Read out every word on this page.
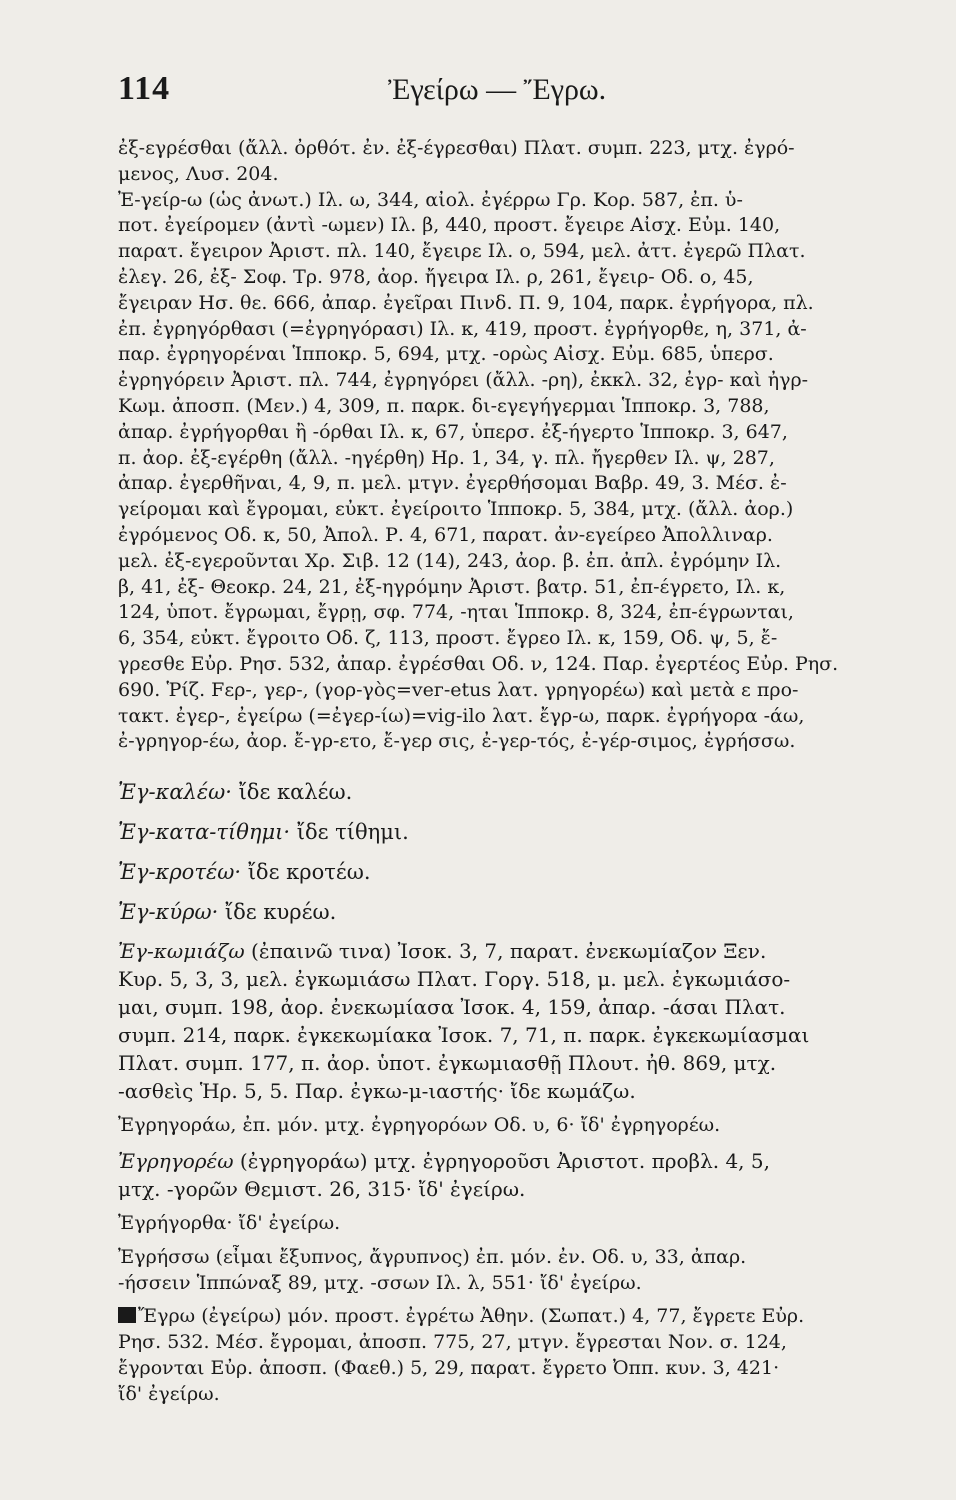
114	Ἐγείρω — Ἔγρω.
ἐξ-εγρέσθαι (ἄλλ. ὀρθότ. ἐν. ἐξ-έγρεσθαι) Πλατ. συμπ. 223, μτχ. ἐγρό-
μενος, Λυσ. 204.
Ἐ-γείρ-ω (ὡς ἀνωτ.) Ιλ. ω, 344, αἰολ. ἐγέρρω Γρ. Κορ. 587, ἐπ. ὑ-
ποτ. ἐγείρομεν (ἀντὶ -ωμεν) Ιλ. β, 440, προστ. ἔγειρε Αἰσχ. Εὐμ. 140,
παρατ. ἔγειρον Ἀριστ. πλ. 140, ἔγειρε Ιλ. ο, 594, μελ. ἀττ. ἐγερῶ Πλατ.
ἐλεγ. 26, ἐξ- Σοφ. Τρ. 978, ἀορ. ἤγειρα Ιλ. ρ, 261, ἔγειρ- Οδ. ο, 45,
ἔγειραν Ησ. θε. 666, ἀπαρ. ἐγεῖραι Πινδ. Π. 9, 104, παρκ. ἐγρήγορα, πλ.
ἐπ. ἐγρηγόρθασι (=ἐγρηγόρασι) Ιλ. κ, 419, προστ. ἐγρήγορθε, η, 371, ἀ-
παρ. ἐγρηγορέναι Ἱπποκρ. 5, 694, μτχ. -ορὼς Αἰσχ. Εὐμ. 685, ὑπερσ.
ἐγρηγόρειν Ἀριστ. πλ. 744, ἐγρηγόρει (ἄλλ. -ρη), ἐκκλ. 32, ἐγρ- καὶ ἠγρ-
Κωμ. ἀποσπ. (Μεν.) 4, 309, π. παρκ. δι-εγεγήγερμαι Ἱπποκρ. 3, 788,
ἀπαρ. ἐγρήγορθαι ἢ -όρθαι Ιλ. κ, 67, ὑπερσ. ἐξ-ήγερτο Ἱπποκρ. 3, 647,
π. ἀορ. ἐξ-εγέρθη (ἄλλ. -ηγέρθη) Ηρ. 1, 34, γ. πλ. ἤγερθεν Ιλ. ψ, 287,
ἀπαρ. ἐγερθῆναι, 4, 9, π. μελ. μτγν. ἐγερθήσομαι Βαβρ. 49, 3. Μέσ. ἐ-
γείρομαι καὶ ἔγρομαι, εὐκτ. ἐγείροιτο Ἱπποκρ. 5, 384, μτχ. (ἄλλ. ἀορ.)
ἐγρόμενος Οδ. κ, 50, Ἀπολ. Ρ. 4, 671, παρατ. ἀν-εγείρεο Ἀπολλιναρ.
μελ. ἐξ-εγεροῦνται Χρ. Σιβ. 12 (14), 243, ἀορ. β. ἐπ. ἀπλ. ἐγρόμην Ιλ.
β, 41, ἐξ- Θεοκρ. 24, 21, ἐξ-ηγρόμην Ἀριστ. βατρ. 51, ἐπ-έγρετο, Ιλ. κ,
124, ὑποτ. ἔγρωμαι, ἔγρῃ, σφ. 774, -ηται Ἱπποκρ. 8, 324, ἐπ-έγρωνται,
6, 354, εὐκτ. ἔγροιτο Οδ. ζ, 113, προστ. ἔγρεο Ιλ. κ, 159, Οδ. ψ, 5, ἔ-
γρεσθε Εὐρ. Ρησ. 532, ἀπαρ. ἐγρέσθαι Οδ. ν, 124. Παρ. ἐγερτέος Εὐρ. Ρησ.
690. Ῥίζ. Fερ-, γερ-, (γορ-γὸς=vег-etus λατ. γρηγορέω) καὶ μετὰ ε προ-
τακτ. ἐγερ-, ἐγείρω (=ἐγερ-ίω)=vig-ilo λατ. ἔγρ-ω, παρκ. ἐγρήγορα -άω,
ἐ-γρηγορ-έω, ἀορ. ἔ-γρ-ετο, ἔ-γερ σις, ἐ-γερ-τός, ἐ-γέρ-σιμος, ἐγρήσσω.
Ἐγ-καλέω· ἴδε καλέω.
Ἐγ-κατα-τίθημι· ἴδε τίθημι.
Ἐγ-κροτέω· ἴδε κροτέω.
Ἐγ-κύρω· ἴδε κυρέω.
Ἐγ-κωμιάζω (ἐπαινῶ τινα) Ἰσοκ. 3, 7, παρατ. ἐνεκωμίαζον Ξεν.
Κυρ. 5, 3, 3, μελ. ἐγκωμιάσω Πλατ. Γοργ. 518, μ. μελ. ἐγκωμιάσο-
μαι, συμπ. 198, ἀορ. ἐνεκωμίασα Ἰσοκ. 4, 159, ἀπαρ. -άσαι Πλατ.
συμπ. 214, παρκ. ἐγκεκωμίακα Ἰσοκ. 7, 71, π. παρκ. ἐγκεκωμίασμαι
Πλατ. συμπ. 177, π. ἀορ. ὑποτ. ἐγκωμιασθῇ Πλουτ. ἠθ. 869, μτχ.
-ασθεὶς Ἡρ. 5, 5. Παρ. ἐγκω-μ-ιαστής· ἴδε κωμάζω.
Ἐγρηγοράω, ἐπ. μόν. μτχ. ἐγρηγορόων Οδ. υ, 6· ἴδ' ἐγρηγορέω.
Ἐγρηγορέω (ἐγρηγοράω) μτχ. ἐγρηγοροῦσι Ἀριστοτ. προβλ. 4, 5,
μτχ. -γορῶν Θεμιστ. 26, 315· ἴδ' ἐγείρω.
Ἐγρήγορθα· ἴδ' ἐγείρω.
Ἐγρήσσω (εἶμαι ἔξυπνος, ἄγρυπνος) ἐπ. μόν. ἐν. Οδ. υ, 33, ἀπαρ.
-ήσσειν Ἱππώναξ 89, μτχ. -σσων Ιλ. λ, 551· ἴδ' ἐγείρω.
Ἔγρω (ἐγείρω) μόν. προστ. ἐγρέτω Ἀθην. (Σωπατ.) 4, 77, ἔγρετε Εὐρ.
Ρησ. 532. Μέσ. ἔγρομαι, ἀποσπ. 775, 27, μτγν. ἔγρεσται Νον. σ. 124,
ἔγρονται Εὐρ. ἀποσπ. (Φαεθ.) 5, 29, παρατ. ἔγρετο Ὀππ. κυν. 3, 421·
ἴδ' ἐγείρω.
